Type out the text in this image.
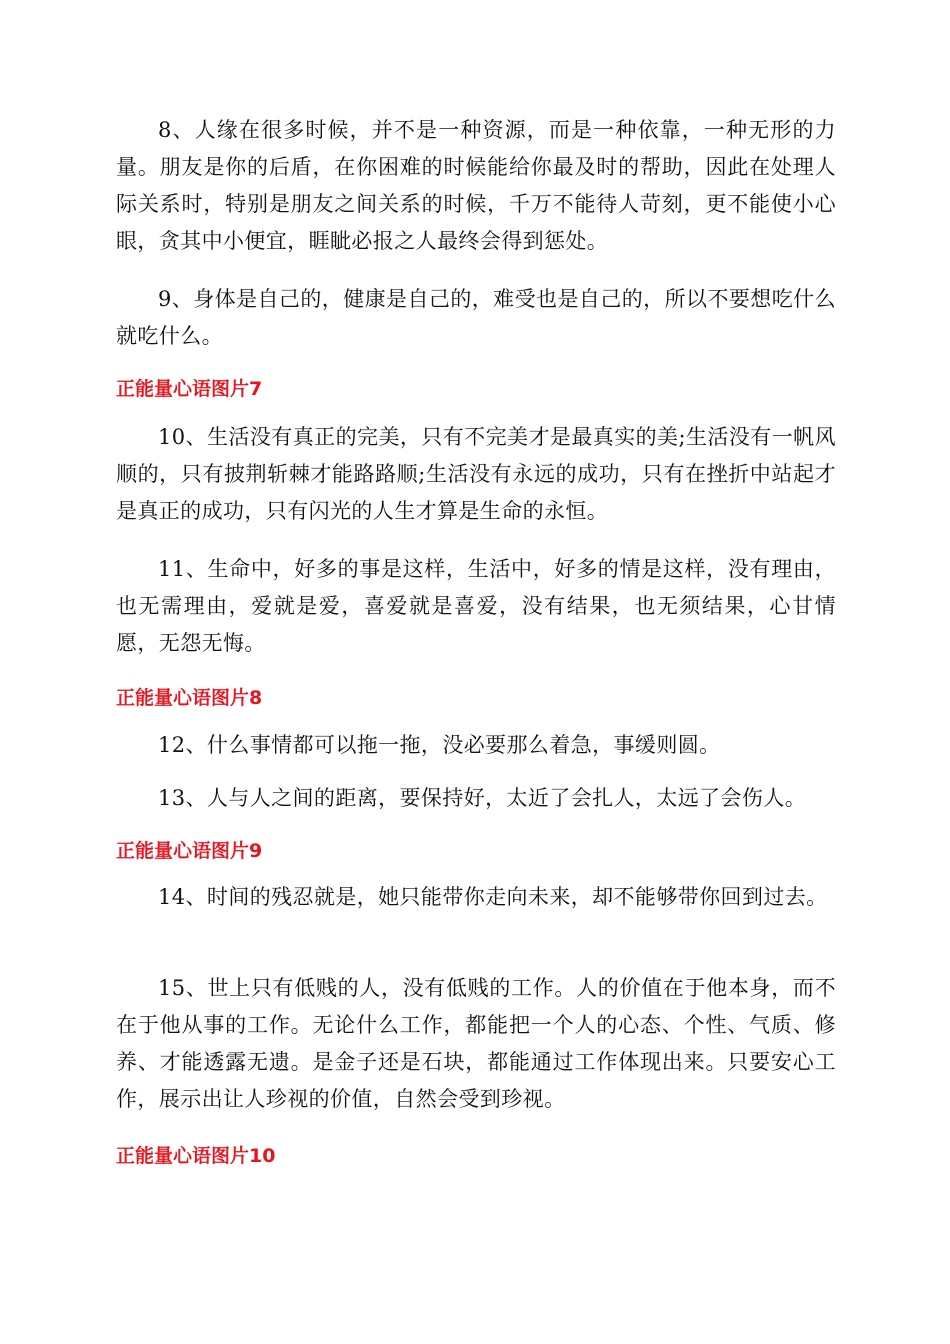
8、人缘在很多时候，并不是一种资源，而是一种依靠，一种无形的力量。朋友是你的后盾，在你困难的时候能给你最及时的帮助，因此在处理人际关系时，特别是朋友之间关系的时候，千万不能待人苛刻，更不能使小心眼，贪其中小便宜，睚眦必报之人最终会得到惩处。

9、身体是自己的，健康是自己的，难受也是自己的，所以不要想吃什么就吃什么。

正能量心语图片7

10、生活没有真正的完美，只有不完美才是最真实的美;生活没有一帆风顺的，只有披荆斩棘才能路路顺;生活没有永远的成功，只有在挫折中站起才是真正的成功，只有闪光的人生才算是生命的永恒。

11、生命中，好多的事是这样，生活中，好多的情是这样，没有理由，也无需理由，爱就是爱，喜爱就是喜爱，没有结果，也无须结果，心甘情愿，无怨无悔。

正能量心语图片8

12、什么事情都可以拖一拖，没必要那么着急，事缓则圆。

13、人与人之间的距离，要保持好，太近了会扎人，太远了会伤人。

正能量心语图片9

14、时间的残忍就是，她只能带你走向未来，却不能够带你回到过去。

15、世上只有低贱的人，没有低贱的工作。人的价值在于他本身，而不在于他从事的工作。无论什么工作，都能把一个人的心态、个性、气质、修养、才能透露无遗。是金子还是石块，都能通过工作体现出来。只要安心工作，展示出让人珍视的价值，自然会受到珍视。

正能量心语图片10
